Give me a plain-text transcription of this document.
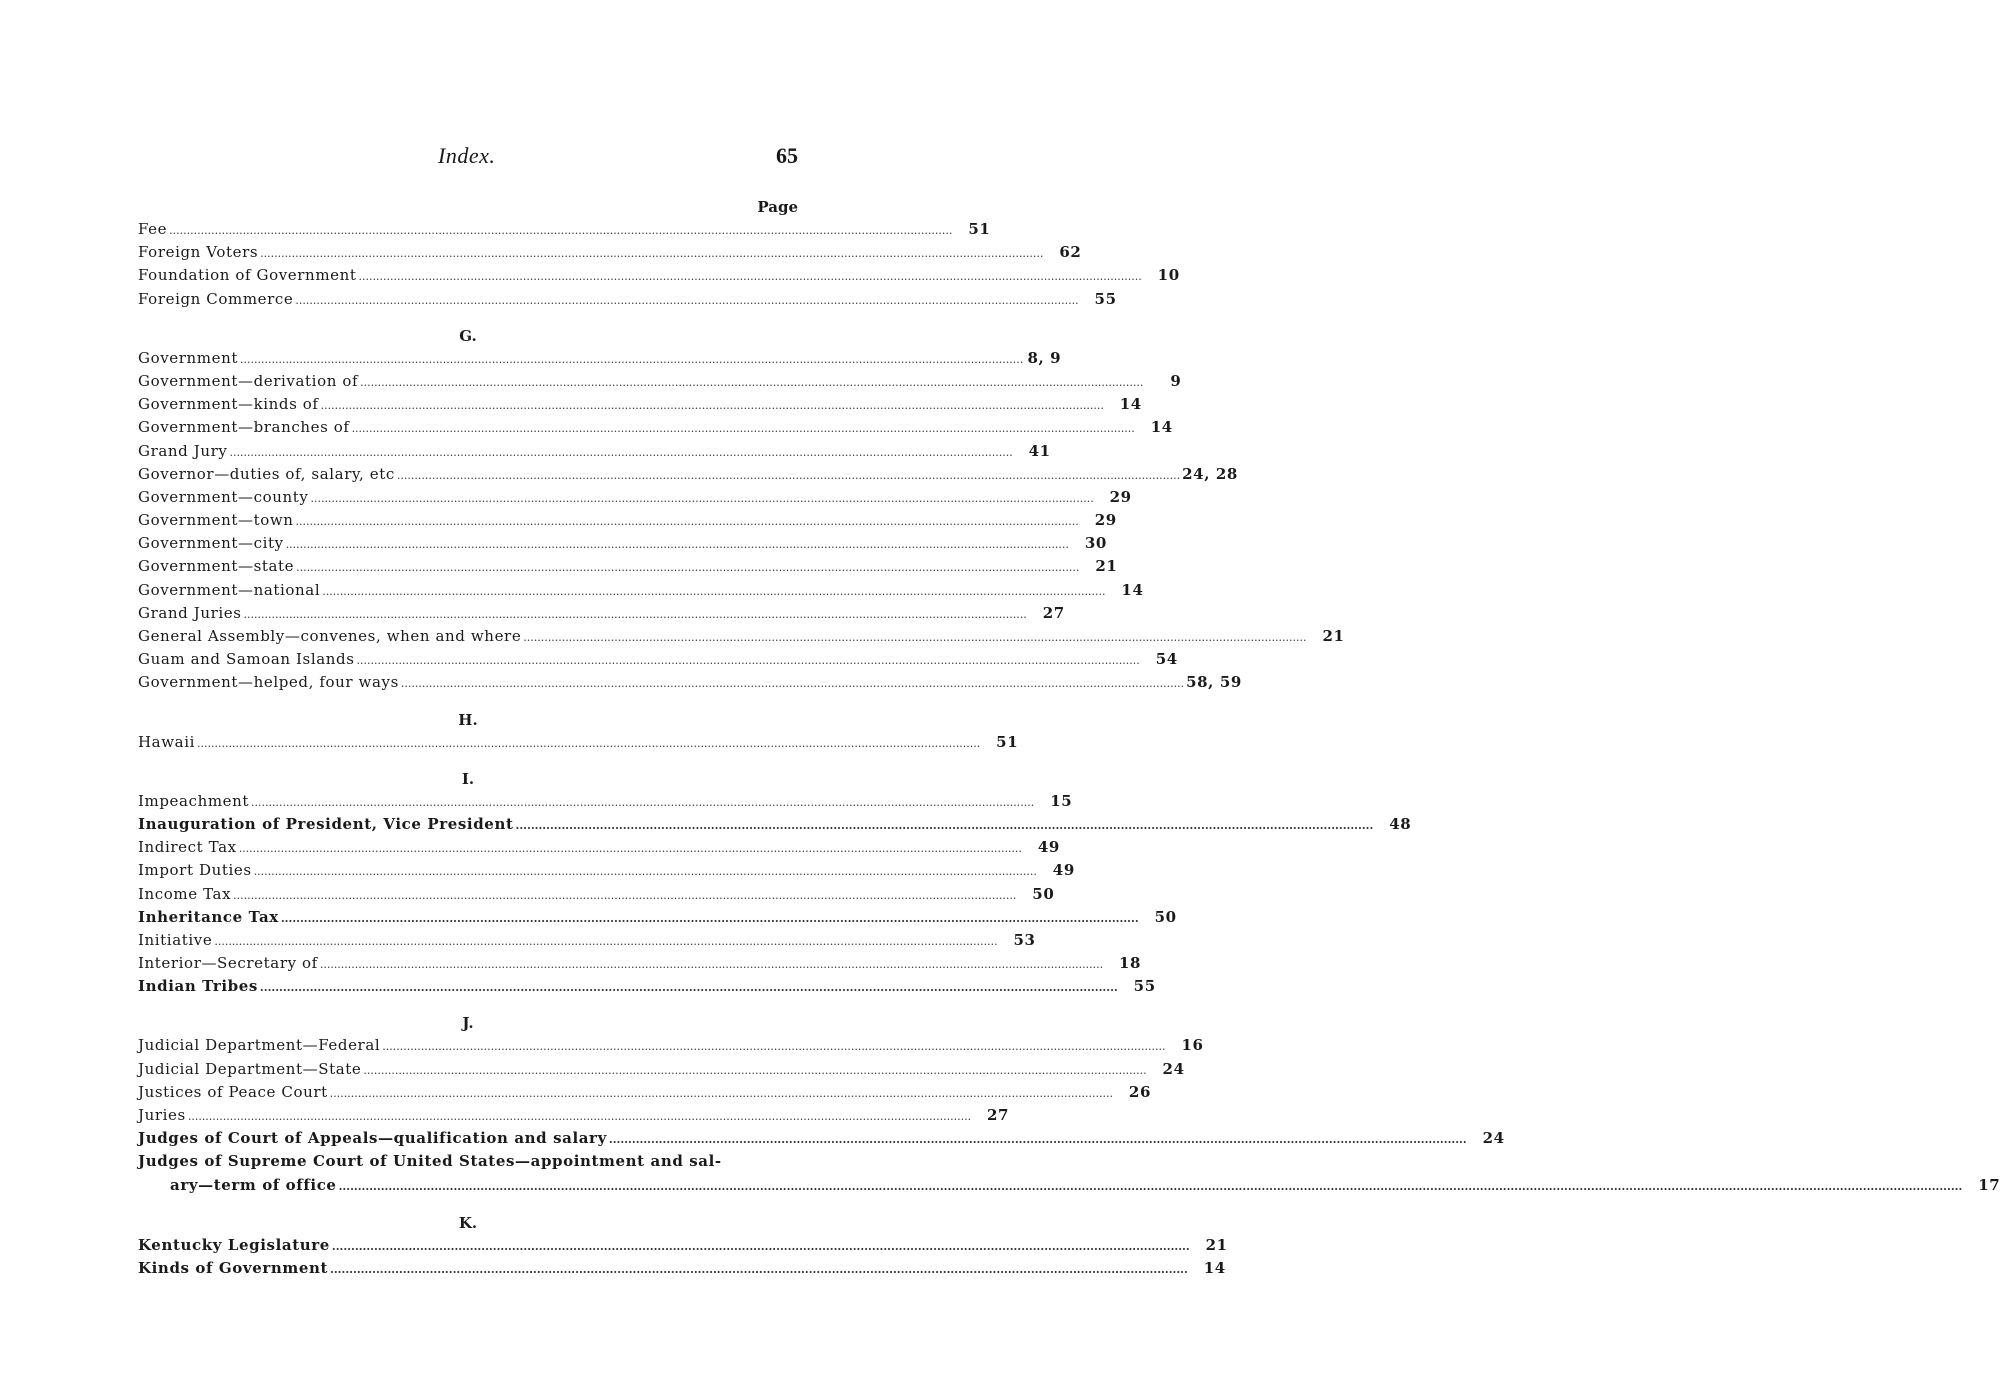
Index.	65
Page
Fee .....	51
Foreign Voters .....	62
Foundation of Government .....	10
Foreign Commerce .....	55
G.
Government .....	8, 9
Government—derivation of .....	9
Government—kinds of .....	14
Government—branches of .....	14
Grand Jury .....	41
Governor—duties of, salary, etc .....	24, 28
Government—county .....	29
Government—town .....	29
Government—city .....	30
Government—state .....	21
Government—national .....	14
Grand Juries .....	27
General Assembly—convenes, when and where .....	21
Guam and Samoan Islands .....	54
Government—helped, four ways .....	58, 59
H.
Hawaii .....	51
I.
Impeachment .....	15
Inauguration of President, Vice President .....	48
Indirect Tax .....	49
Import Duties .....	49
Income Tax .....	50
Inheritance Tax .....	50
Initiative .....	53
Interior—Secretary of .....	18
Indian Tribes .....	55
J.
Judicial Department—Federal .....	16
Judicial Department—State .....	24
Justices of Peace Court .....	26
Juries .....	27
Judges of Court of Appeals—qualification and salary .....	24
Judges of Supreme Court of United States—appointment and sal-
ary—term of office ........................................................................................................................................................................................................ .....	17
K.
Kentucky Legislature .....	21
Kinds of Government .....	14
